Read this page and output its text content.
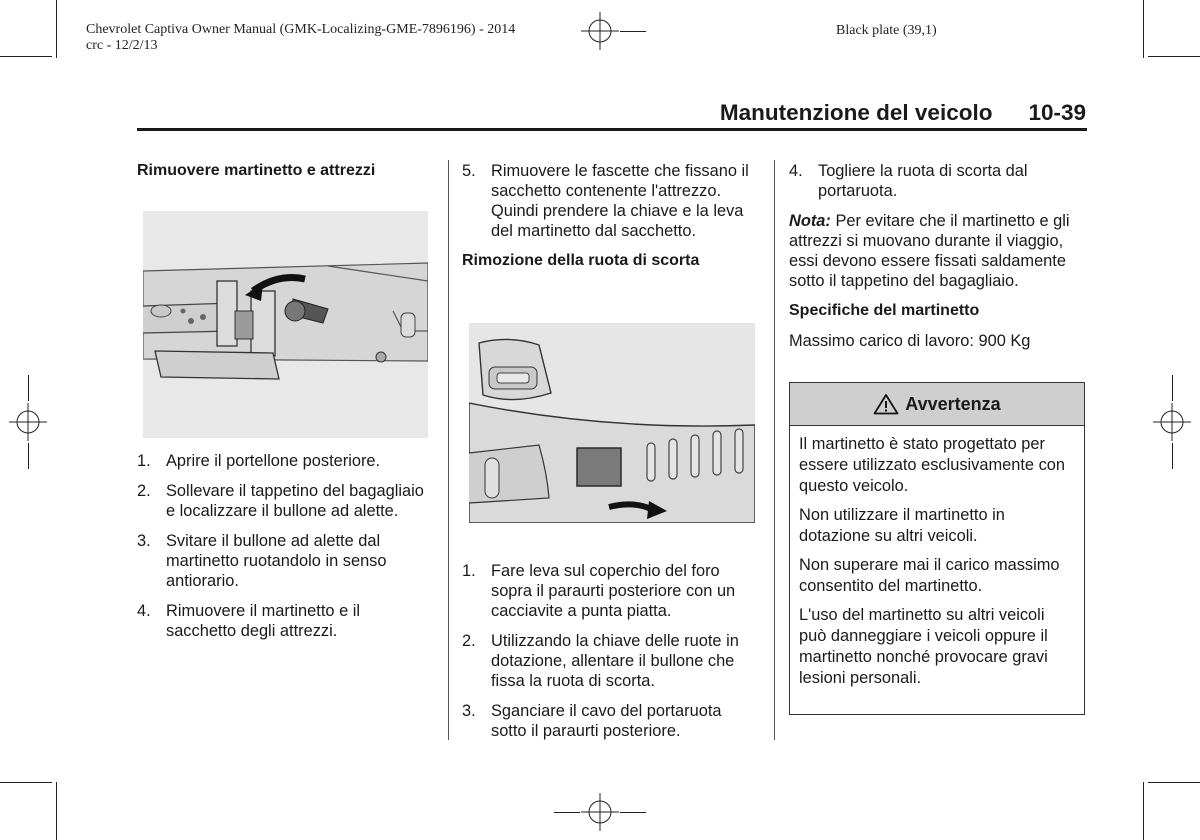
Chevrolet Captiva Owner Manual (GMK-Localizing-GME-7896196) - 2014
crc - 12/2/13
Black plate (39,1)
Manutenzione del veicolo 10-39
Rimuovere martinetto e attrezzi
1. Aprire il portellone posteriore.
2. Sollevare il tappetino del bagagliaio e localizzare il bullone ad alette.
3. Svitare il bullone ad alette dal martinetto ruotandolo in senso antiorario.
4. Rimuovere il martinetto e il sacchetto degli attrezzi.
5. Rimuovere le fascette che fissano il sacchetto contenente l'attrezzo. Quindi prendere la chiave e la leva del martinetto dal sacchetto.
Rimozione della ruota di scorta
1. Fare leva sul coperchio del foro sopra il paraurti posteriore con un cacciavite a punta piatta.
2. Utilizzando la chiave delle ruote in dotazione, allentare il bullone che fissa la ruota di scorta.
3. Sganciare il cavo del portaruota sotto il paraurti posteriore.
4. Togliere la ruota di scorta dal portaruota.

Nota: Per evitare che il martinetto e gli attrezzi si muovano durante il viaggio, essi devono essere fissati saldamente sotto il tappetino del bagagliaio.

Specifiche del martinetto

Massimo carico di lavoro: 900 Kg

Avvertenza

Il martinetto è stato progettato per essere utilizzato esclusivamente con questo veicolo.

Non utilizzare il martinetto in dotazione su altri veicoli.

Non superare mai il carico massimo consentito del martinetto.

L'uso del martinetto su altri veicoli può danneggiare i veicoli oppure il martinetto nonché provocare gravi lesioni personali.
